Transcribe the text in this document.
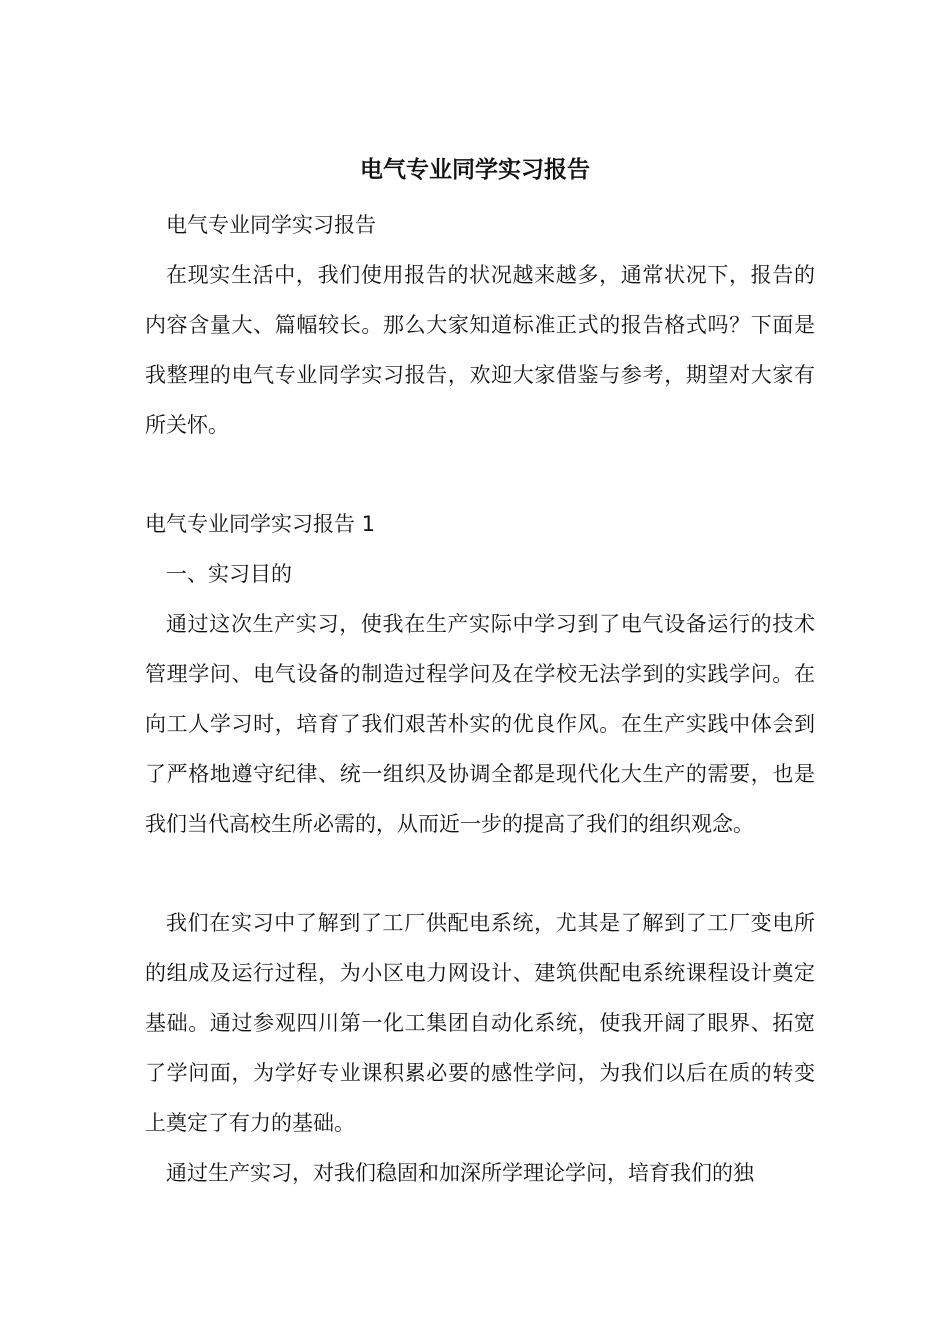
电气专业同学实习报告

电气专业同学实习报告

在现实生活中，我们使用报告的状况越来越多，通常状况下，报告的内容含量大、篇幅较长。那么大家知道标准正式的报告格式吗？下面是我整理的电气专业同学实习报告，欢迎大家借鉴与参考，期望对大家有所关怀。

电气专业同学实习报告 1

一、实习目的

通过这次生产实习，使我在生产实际中学习到了电气设备运行的技术管理学问、电气设备的制造过程学问及在学校无法学到的实践学问。在向工人学习时，培育了我们艰苦朴实的优良作风。在生产实践中体会到了严格地遵守纪律、统一组织及协调全都是现代化大生产的需要，也是我们当代高校生所必需的，从而近一步的提高了我们的组织观念。

我们在实习中了解到了工厂供配电系统，尤其是了解到了工厂变电所的组成及运行过程，为小区电力网设计、建筑供配电系统课程设计奠定基础。通过参观四川第一化工集团自动化系统，使我开阔了眼界、拓宽了学问面，为学好专业课积累必要的感性学问，为我们以后在质的转变上奠定了有力的基础。

通过生产实习，对我们稳固和加深所学理论学问，培育我们的独
